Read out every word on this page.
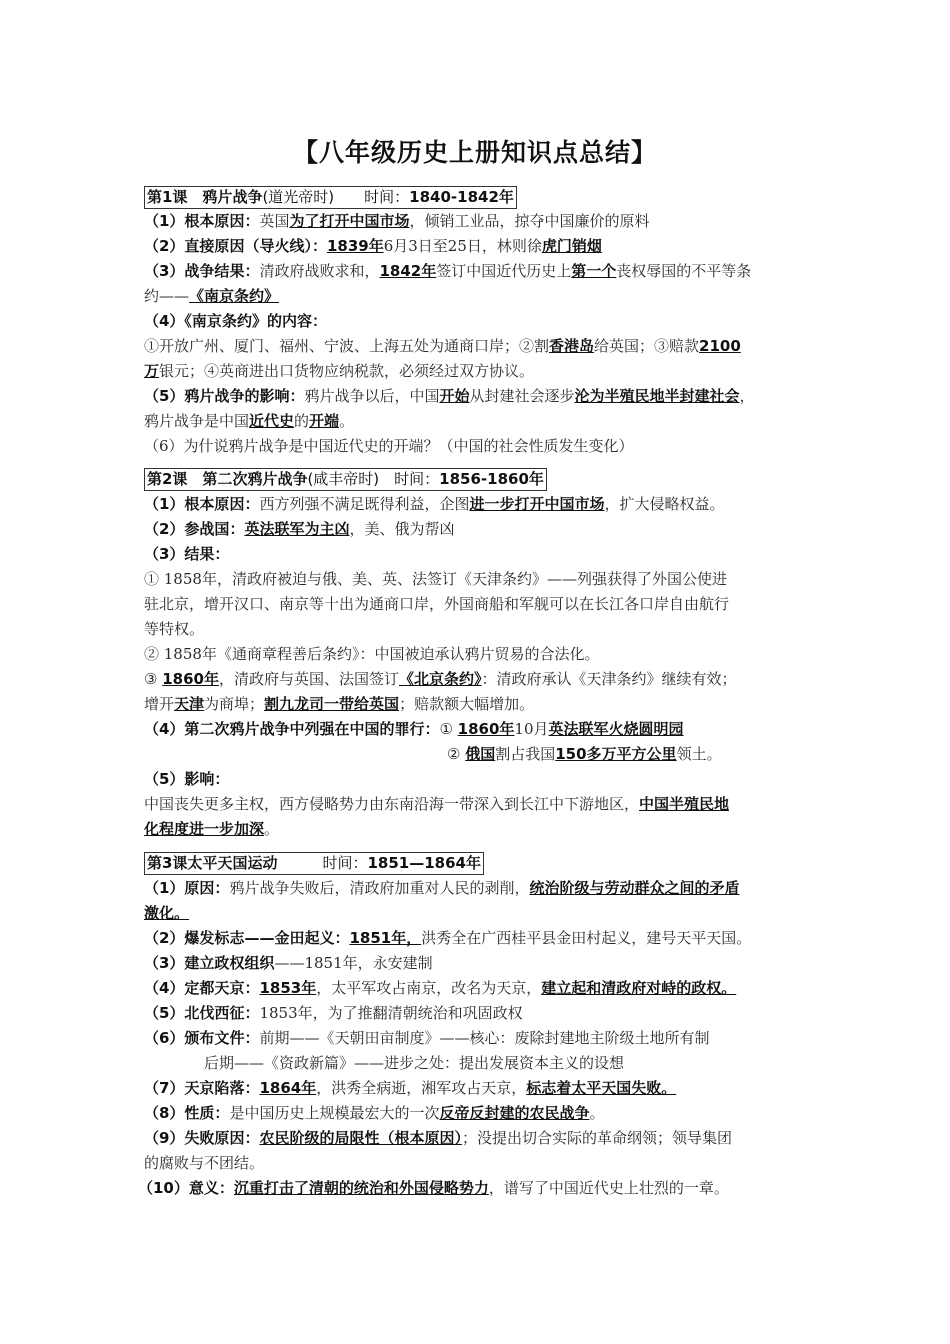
【八年级历史上册知识点总结】
第1课　鸦片战争(道光帝时)　　时间：1840-1842年
（1）根本原因：英国为了打开中国市场，倾销工业品，掠夺中国廉价的原料
（2）直接原因（导火线）：1839年6月3日至25日，林则徐虎门销烟
（3）战争结果：清政府战败求和，1842年签订中国近代历史上第一个丧权辱国的不平等条
约——《南京条约》
（4）《南京条约》的内容：
①开放广州、厦门、福州、宁波、上海五处为通商口岸；②割香港岛给英国；③赔款2100
万银元；④英商进出口货物应纳税款，必须经过双方协议。
（5）鸦片战争的影响：鸦片战争以后，中国开始从封建社会逐步沦为半殖民地半封建社会，
鸦片战争是中国近代史的开端。
（6）为什说鸦片战争是中国近代史的开端？（中国的社会性质发生变化）
第2课　第二次鸦片战争(咸丰帝时)　时间：1856-1860年
（1）根本原因：西方列强不满足既得利益，企图进一步打开中国市场，扩大侵略权益。
（2）参战国：英法联军为主凶，美、俄为帮凶
（3）结果：
① 1858年，清政府被迫与俄、美、英、法签订《天津条约》——列强获得了外国公使进
驻北京，增开汉口、南京等十出为通商口岸，外国商船和军舰可以在长江各口岸自由航行
等特权。
② 1858年《通商章程善后条约》：中国被迫承认鸦片贸易的合法化。
③ 1860年，清政府与英国、法国签订《北京条约》：清政府承认《天津条约》继续有效；
增开天津为商埠；割九龙司一带给英国；赔款额大幅增加。
（4）第二次鸦片战争中列强在中国的罪行：① 1860年10月英法联军火烧圆明园
② 俄国割占我国150多万平方公里领土。
（5）影响：
中国丧失更多主权，西方侵略势力由东南沿海一带深入到长江中下游地区，中国半殖民地
化程度进一步加深。
第3课太平天国运动　　　时间：1851—1864年
（1）原因：鸦片战争失败后，清政府加重对人民的剥削，统治阶级与劳动群众之间的矛盾
激化。
（2）爆发标志——金田起义：1851年，洪秀全在广西桂平县金田村起义，建号天平天国。
（3）建立政权组织——1851年，永安建制
（4）定都天京：1853年，太平军攻占南京，改名为天京，建立起和清政府对峙的政权。
（5）北伐西征：1853年，为了推翻清朝统治和巩固政权
（6）颁布文件：前期——《天朝田亩制度》——核心：废除封建地主阶级土地所有制
后期——《资政新篇》——进步之处：提出发展资本主义的设想
（7）天京陷落：1864年，洪秀全病逝，湘军攻占天京，标志着太平天国失败。
（8）性质：是中国历史上规模最宏大的一次反帝反封建的农民战争。
（9）失败原因：农民阶级的局限性（根本原因）；没提出切合实际的革命纲领；领导集团
的腐败与不团结。
（10）意义：沉重打击了清朝的统治和外国侵略势力，谱写了中国近代史上壮烈的一章。
